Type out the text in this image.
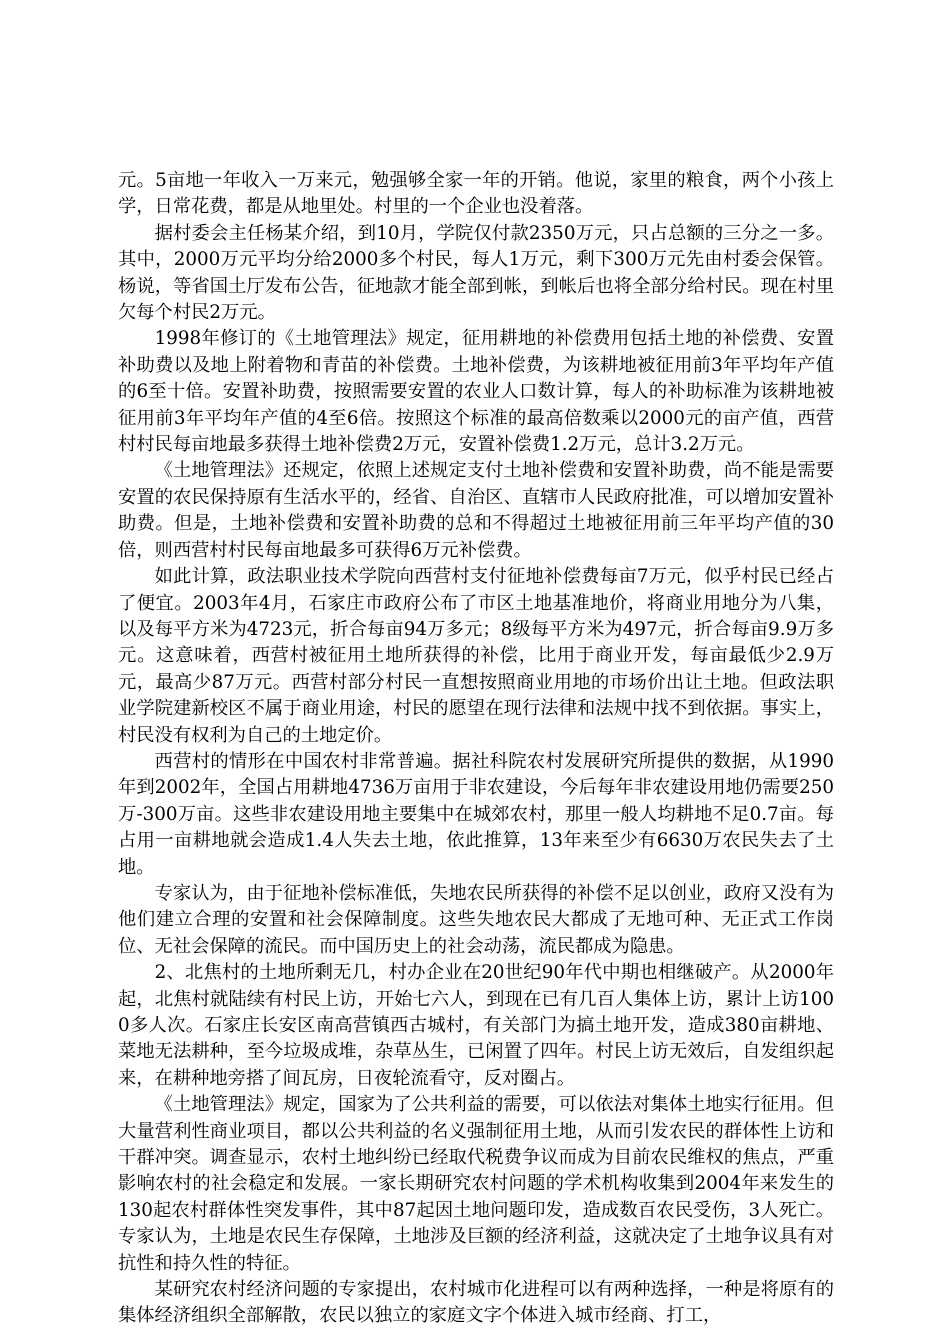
元。5亩地一年收入一万来元，勉强够全家一年的开销。他说，家里的粮食，两个小孩上学，日常花费，都是从地里处。村里的一个企业也没着落。

据村委会主任杨某介绍，到10月，学院仅付款2350万元，只占总额的三分之一多。其中，2000万元平均分给2000多个村民，每人1万元，剩下300万元先由村委会保管。杨说，等省国土厅发布公告，征地款才能全部到帐，到帐后也将全部分给村民。现在村里欠每个村民2万元。

1998年修订的《土地管理法》规定，征用耕地的补偿费用包括土地的补偿费、安置补助费以及地上附着物和青苗的补偿费。土地补偿费，为该耕地被征用前3年平均年产值的6至十倍。安置补助费，按照需要安置的农业人口数计算，每人的补助标准为该耕地被征用前3年平均年产值的4至6倍。按照这个标准的最高倍数乘以2000元的亩产值，西营村村民每亩地最多获得土地补偿费2万元，安置补偿费1.2万元，总计3.2万元。

《土地管理法》还规定，依照上述规定支付土地补偿费和安置补助费，尚不能是需要安置的农民保持原有生活水平的，经省、自治区、直辖市人民政府批准，可以增加安置补助费。但是，土地补偿费和安置补助费的总和不得超过土地被征用前三年平均产值的30倍，则西营村村民每亩地最多可获得6万元补偿费。

如此计算，政法职业技术学院向西营村支付征地补偿费每亩7万元，似乎村民已经占了便宜。2003年4月，石家庄市政府公布了市区土地基准地价，将商业用地分为八集，以及每平方米为4723元，折合每亩94万多元；8级每平方米为497元，折合每亩9.9万多元。这意味着，西营村被征用土地所获得的补偿，比用于商业开发，每亩最低少2.9万元，最高少87万元。西营村部分村民一直想按照商业用地的市场价出让土地。但政法职业学院建新校区不属于商业用途，村民的愿望在现行法律和法规中找不到依据。事实上，村民没有权利为自己的土地定价。

西营村的情形在中国农村非常普遍。据社科院农村发展研究所提供的数据，从1990年到2002年，全国占用耕地4736万亩用于非农建设，今后每年非农建设用地仍需要250万-300万亩。这些非农建设用地主要集中在城郊农村，那里一般人均耕地不足0.7亩。每占用一亩耕地就会造成1.4人失去土地，依此推算，13年来至少有6630万农民失去了土地。

专家认为，由于征地补偿标准低，失地农民所获得的补偿不足以创业，政府又没有为他们建立合理的安置和社会保障制度。这些失地农民大都成了无地可种、无正式工作岗位、无社会保障的流民。而中国历史上的社会动荡，流民都成为隐患。

2、北焦村的土地所剩无几，村办企业在20世纪90年代中期也相继破产。从2000年起，北焦村就陆续有村民上访，开始七六人，到现在已有几百人集体上访，累计上访1000多人次。石家庄长安区南高营镇西古城村，有关部门为搞土地开发，造成380亩耕地、菜地无法耕种，至今垃圾成堆，杂草丛生，已闲置了四年。村民上访无效后，自发组织起来，在耕种地旁搭了间瓦房，日夜轮流看守，反对圈占。

《土地管理法》规定，国家为了公共利益的需要，可以依法对集体土地实行征用。但大量营利性商业项目，都以公共利益的名义强制征用土地，从而引发农民的群体性上访和干群冲突。调查显示，农村土地纠纷已经取代税费争议而成为目前农民维权的焦点，严重影响农村的社会稳定和发展。一家长期研究农村问题的学术机构收集到2004年来发生的130起农村群体性突发事件，其中87起因土地问题印发，造成数百农民受伤，3人死亡。专家认为，土地是农民生存保障，土地涉及巨额的经济利益，这就决定了土地争议具有对抗性和持久性的特征。

某研究农村经济问题的专家提出，农村城市化进程可以有两种选择，一种是将原有的集体经济组织全部解散，农民以独立的家庭文字个体进入城市经商、打工，
